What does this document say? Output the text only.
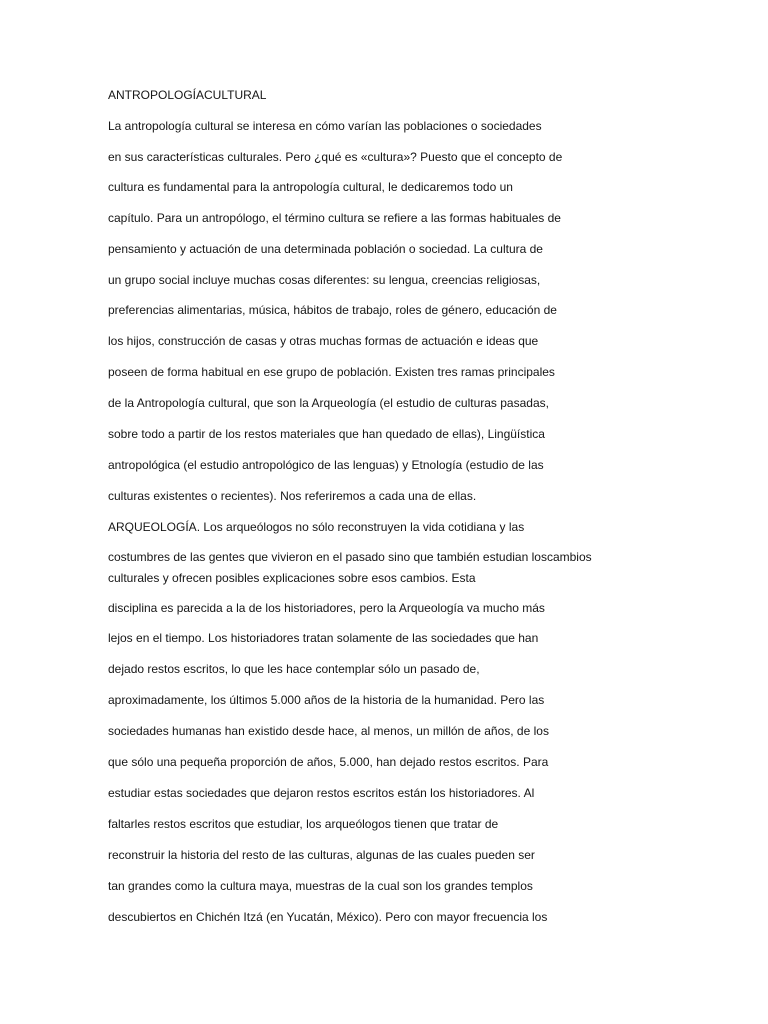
ANTROPOLOGÍACULTURAL
La antropología cultural se interesa en cómo varían las poblaciones o sociedades
en sus características culturales. Pero ¿qué es «cultura»? Puesto que el concepto de
cultura es fundamental para la antropología cultural, le dedicaremos todo un
capítulo. Para un antropólogo, el término cultura se refiere a las formas habituales de
pensamiento y actuación de una determinada población o sociedad. La cultura de
un grupo social incluye muchas cosas diferentes: su lengua, creencias religiosas,
preferencias alimentarias, música, hábitos de trabajo, roles de género, educación de
los hijos, construcción de casas y otras muchas formas de actuación e ideas que
poseen de forma habitual en ese grupo de población. Existen tres ramas principales
de la Antropología cultural, que son la Arqueología (el estudio de culturas pasadas,
sobre todo a partir de los restos materiales que han quedado de ellas), Lingüística
antropológica (el estudio antropológico de las lenguas) y Etnología (estudio de las
culturas existentes o recientes). Nos referiremos a cada una de ellas.
ARQUEOLOGÍA. Los arqueólogos no sólo reconstruyen la vida cotidiana y las
costumbres de las gentes que vivieron en el pasado sino que también estudian loscambios
culturales y ofrecen posibles explicaciones sobre esos cambios. Esta
disciplina es parecida a la de los historiadores, pero la Arqueología va mucho más
lejos en el tiempo. Los historiadores tratan solamente de las sociedades que han
dejado restos escritos, lo que les hace contemplar sólo un pasado de,
aproximadamente, los últimos 5.000 años de la historia de la humanidad. Pero las
sociedades humanas han existido desde hace, al menos, un millón de años, de los
que sólo una pequeña proporción de años, 5.000, han dejado restos escritos. Para
estudiar estas sociedades que dejaron restos escritos están los historiadores. Al
faltarles restos escritos que estudiar, los arqueólogos tienen que tratar de
reconstruir la historia del resto de las culturas, algunas de las cuales pueden ser
tan grandes como la cultura maya, muestras de la cual son los grandes templos
descubiertos en Chichén Itzá (en Yucatán, México). Pero con mayor frecuencia los
